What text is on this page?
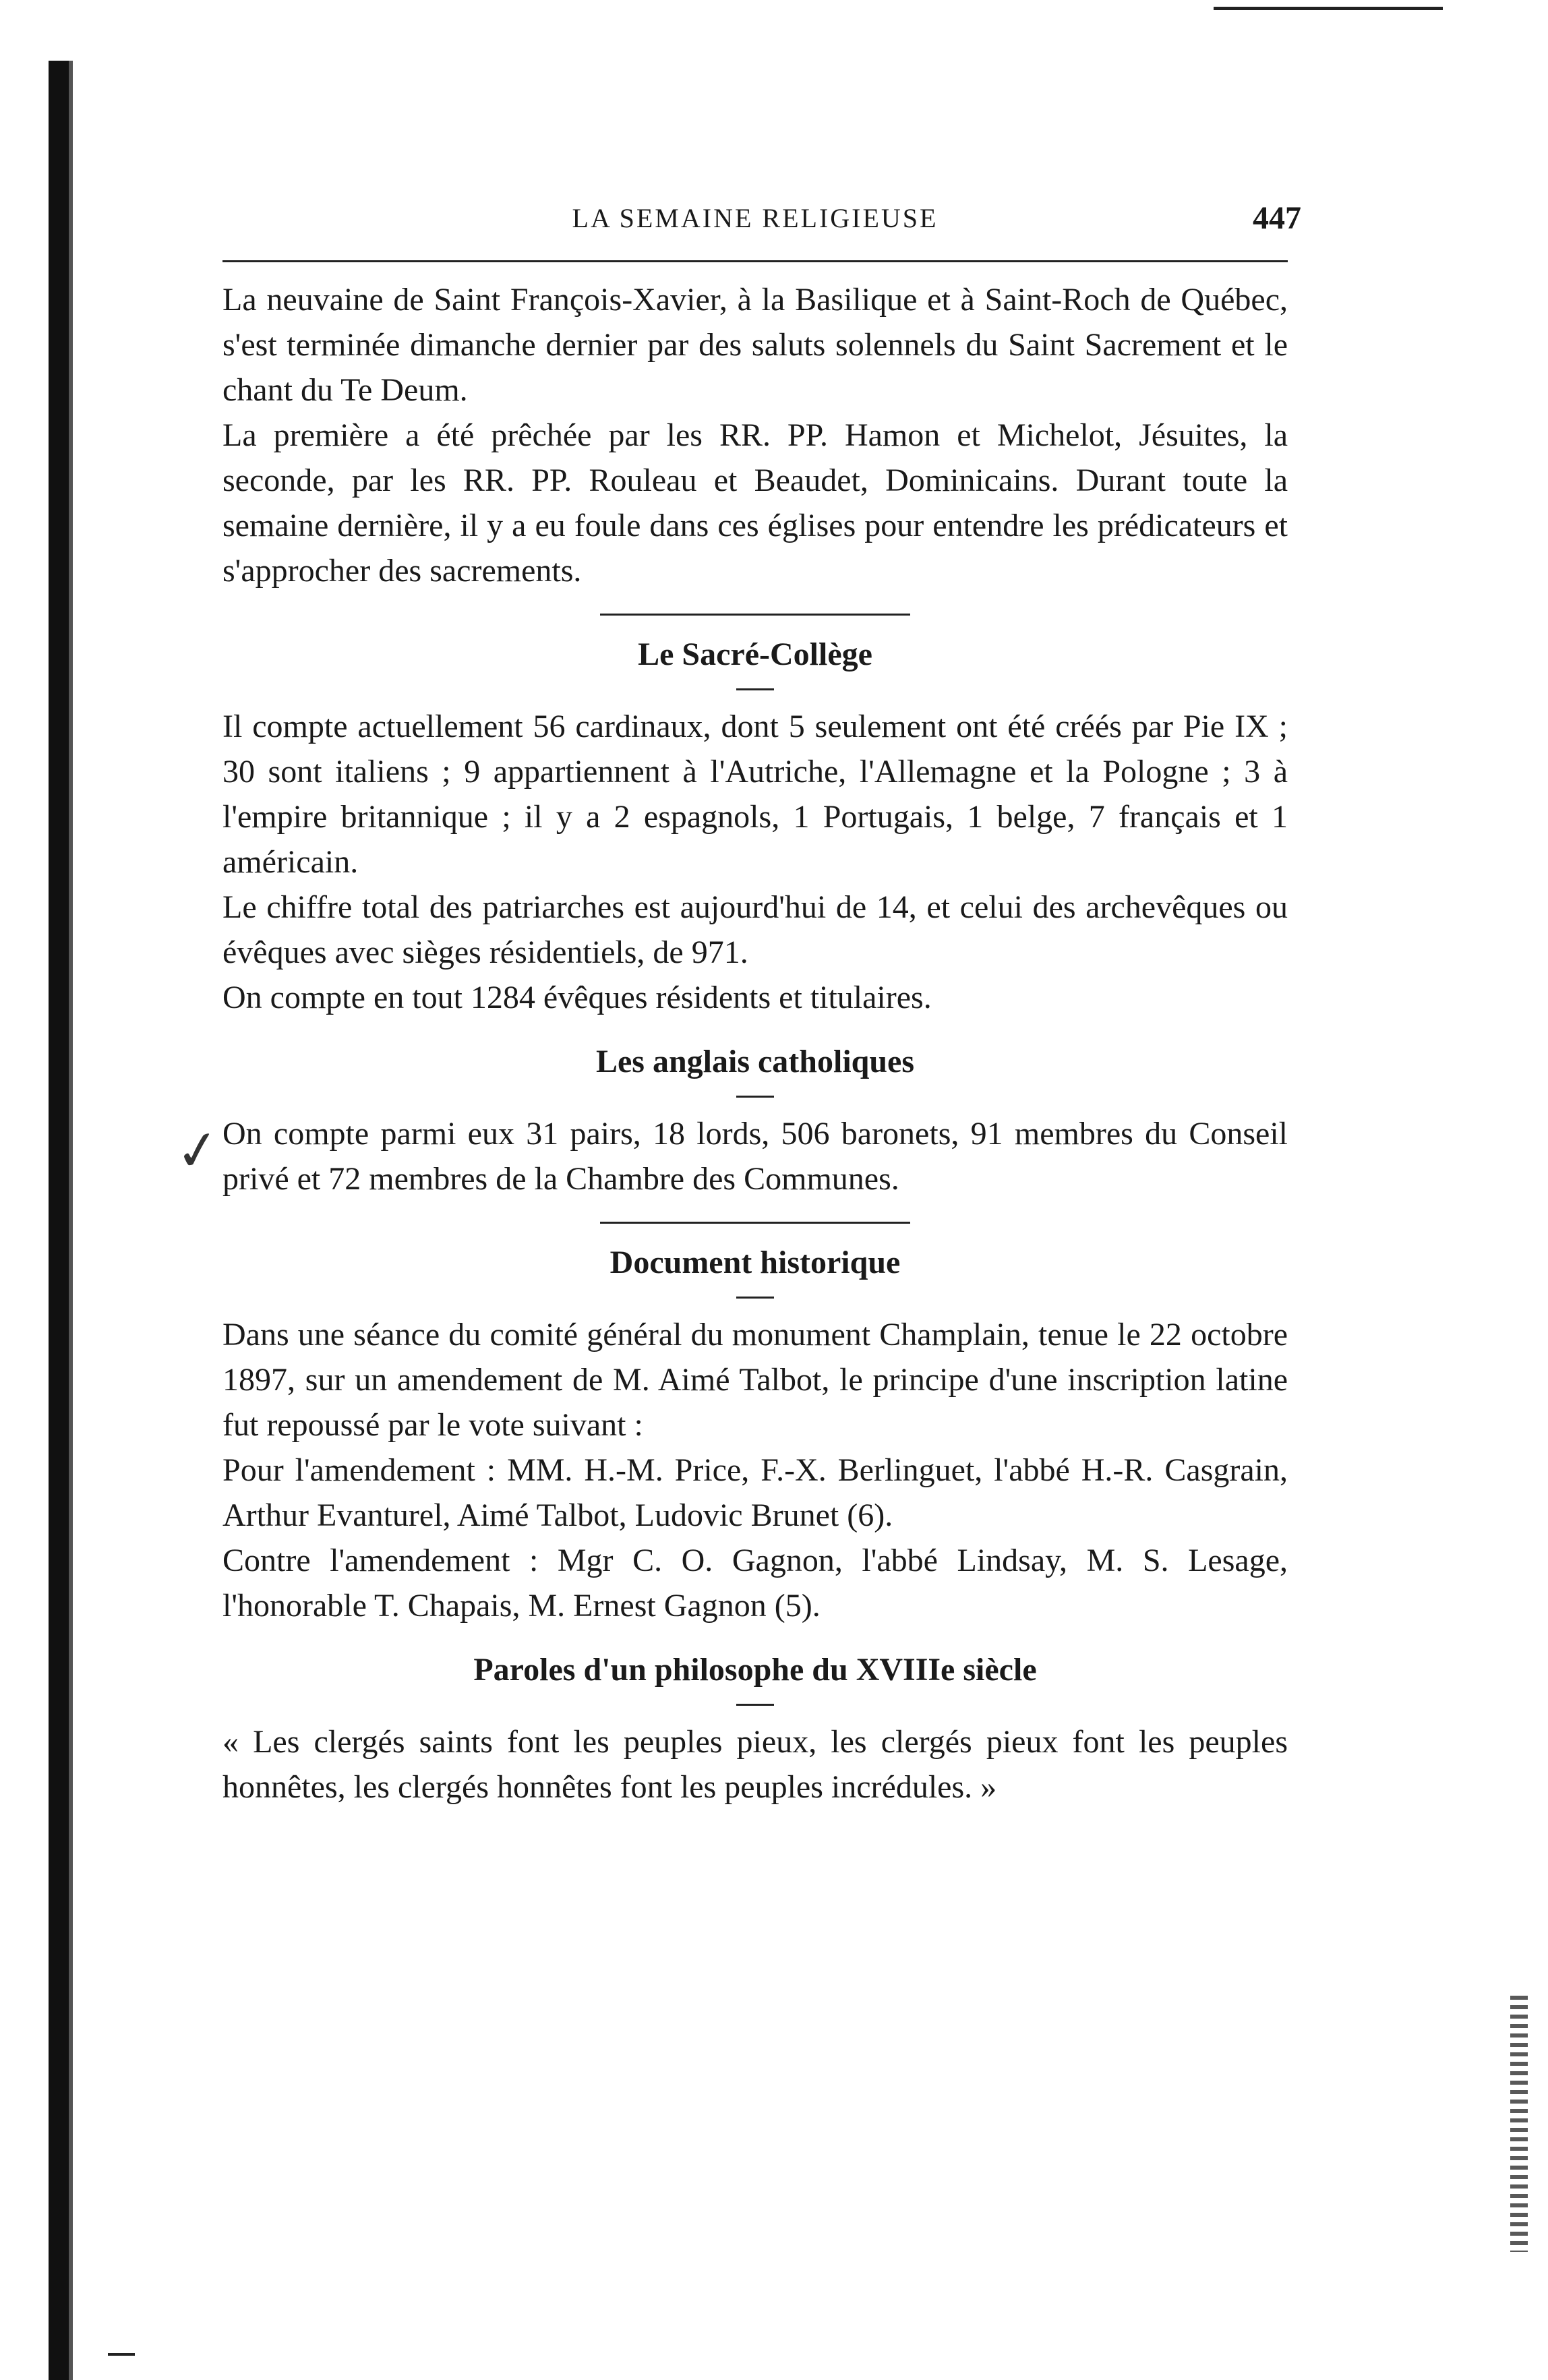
✓
LA SEMAINE RELIGIEUSE	447

La neuvaine de Saint François-Xavier, à la Basilique et à Saint-Roch de Québec, s'est terminée dimanche dernier par des saluts solennels du Saint Sacrement et le chant du Te Deum.

La première a été prêchée par les RR. PP. Hamon et Michelot, Jésuites, la seconde, par les RR. PP. Rouleau et Beaudet, Dominicains. Durant toute la semaine dernière, il y a eu foule dans ces églises pour entendre les prédicateurs et s'approcher des sacrements.

Le Sacré-Collège

Il compte actuellement 56 cardinaux, dont 5 seulement ont été créés par Pie IX ; 30 sont italiens ; 9 appartiennent à l'Autriche, l'Allemagne et la Pologne ; 3 à l'empire britannique ; il y a 2 espagnols, 1 Portugais, 1 belge, 7 français et 1 américain.

Le chiffre total des patriarches est aujourd'hui de 14, et celui des archevêques ou évêques avec sièges résidentiels, de 971.

On compte en tout 1284 évêques résidents et titulaires.

Les anglais catholiques

On compte parmi eux 31 pairs, 18 lords, 506 baronets, 91 membres du Conseil privé et 72 membres de la Chambre des Communes.

Document historique

Dans une séance du comité général du monument Champlain, tenue le 22 octobre 1897, sur un amendement de M. Aimé Talbot, le principe d'une inscription latine fut repoussé par le vote suivant :

Pour l'amendement : MM. H.-M. Price, F.-X. Berlinguet, l'abbé H.-R. Casgrain, Arthur Evanturel, Aimé Talbot, Ludovic Brunet (6).

Contre l'amendement : Mgr C. O. Gagnon, l'abbé Lindsay, M. S. Lesage, l'honorable T. Chapais, M. Ernest Gagnon (5).

Paroles d'un philosophe du XVIIIe siècle

« Les clergés saints font les peuples pieux, les clergés pieux font les peuples honnêtes, les clergés honnêtes font les peuples incrédules. »
